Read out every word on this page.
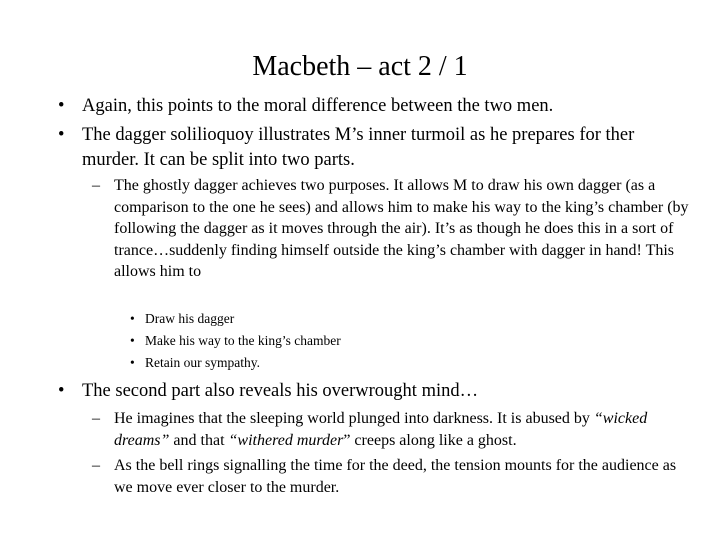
Macbeth – act 2 / 1

• Again, this points to the moral difference between the two men.

• The dagger solilioquoy illustrates M’s inner turmoil as he prepares for ther murder. It can be split into two parts.

– The ghostly dagger achieves two purposes. It allows M to draw his own dagger (as a comparison to the one he sees) and allows him to make his way to the king’s chamber (by following the dagger as it moves through the air). It’s as though he does this in a sort of trance…suddenly finding himself outside the king’s chamber with dagger in hand! This allows him to

• Draw his dagger

• Make his way to the king’s chamber

• Retain our sympathy.

• The second part also reveals his overwrought mind…

– He imagines that the sleeping world plunged into darkness. It is abused by “wicked dreams” and that “withered murder” creeps along like a ghost.

– As the bell rings signalling the time for the deed, the tension mounts for the audience as we move ever closer to the murder.
